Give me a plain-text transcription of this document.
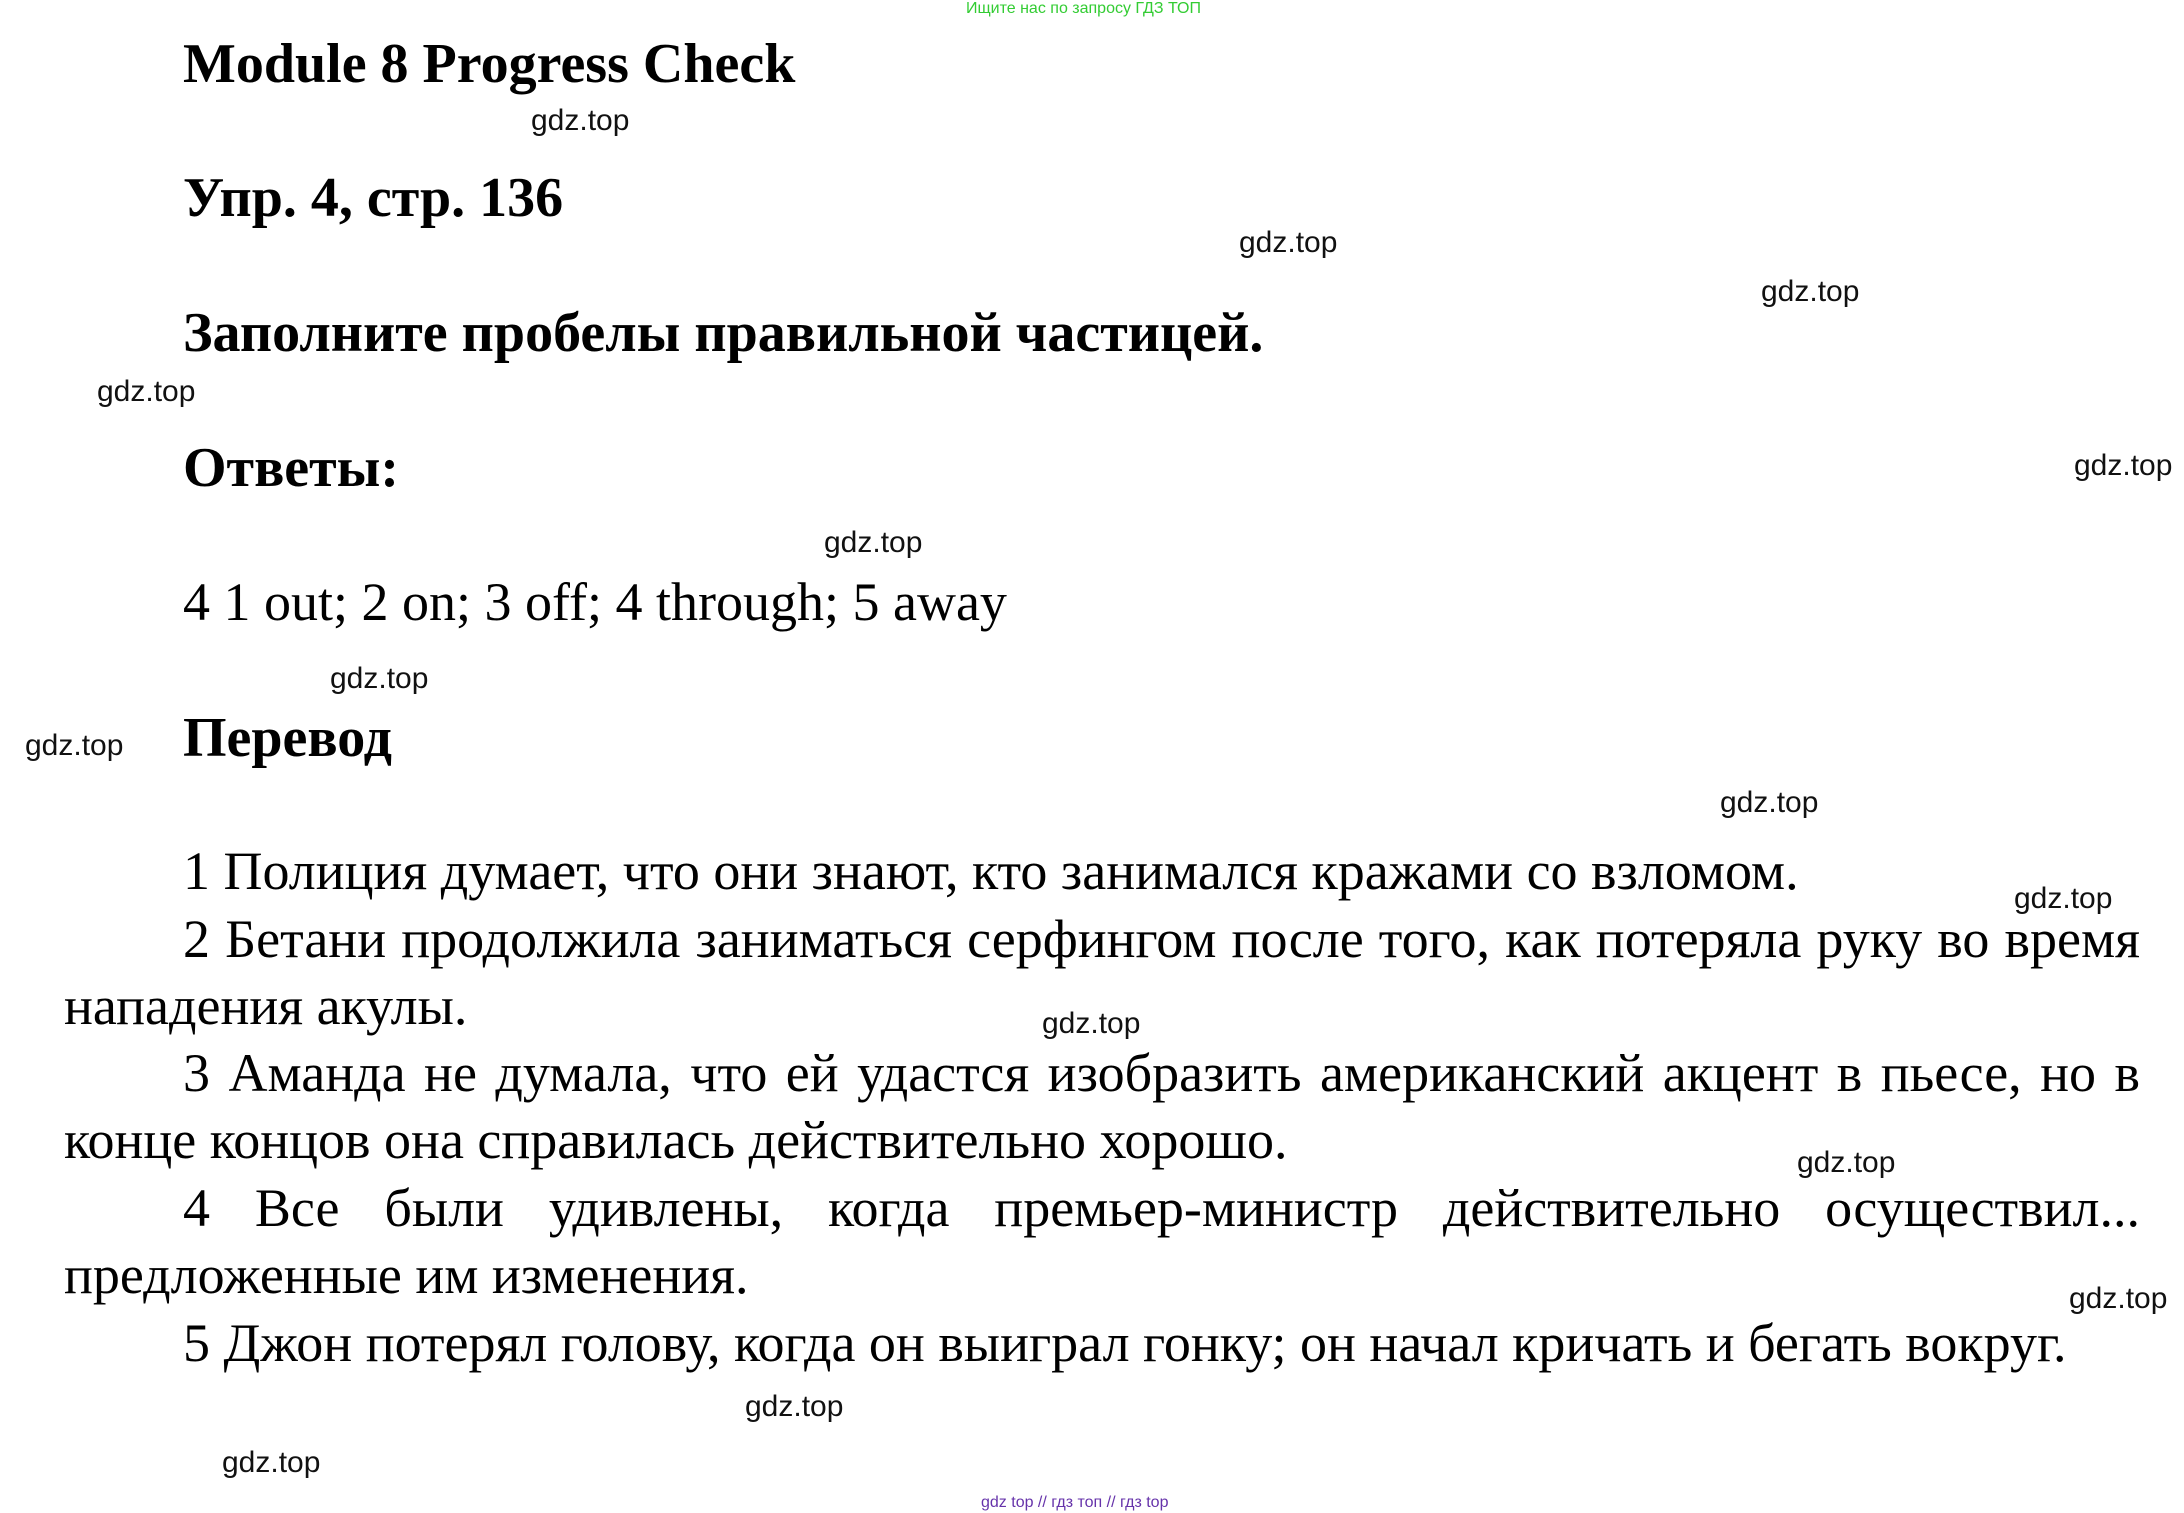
Ищите нас по запросу ГДЗ ТОП
Module 8 Progress Check
Упр. 4, стр. 136
Заполните пробелы правильной частицей.
Ответы:
4 1 out; 2 on; 3 off; 4 through; 5 away
Перевод
1 Полиция думает, что они знают, кто занимался кражами со взломом.
2 Бетани продолжила заниматься серфингом после того, как потеряла руку во время нападения акулы.
3 Аманда не думала, что ей удастся изобразить американский акцент в пьесе, но в конце концов она справилась действительно хорошо.
4 Все были удивлены, когда премьер-министр действительно осуществил... предложенные им изменения.
5 Джон потерял голову, когда он выиграл гонку; он начал кричать и бегать вокруг.
gdz.top
gdz.top
gdz.top
gdz.top
gdz.top
gdz.top
gdz.top
gdz.top
gdz.top
gdz.top
gdz.top
gdz.top
gdz.top
gdz.top
gdz.top
gdz top // гдз топ // гдз top
